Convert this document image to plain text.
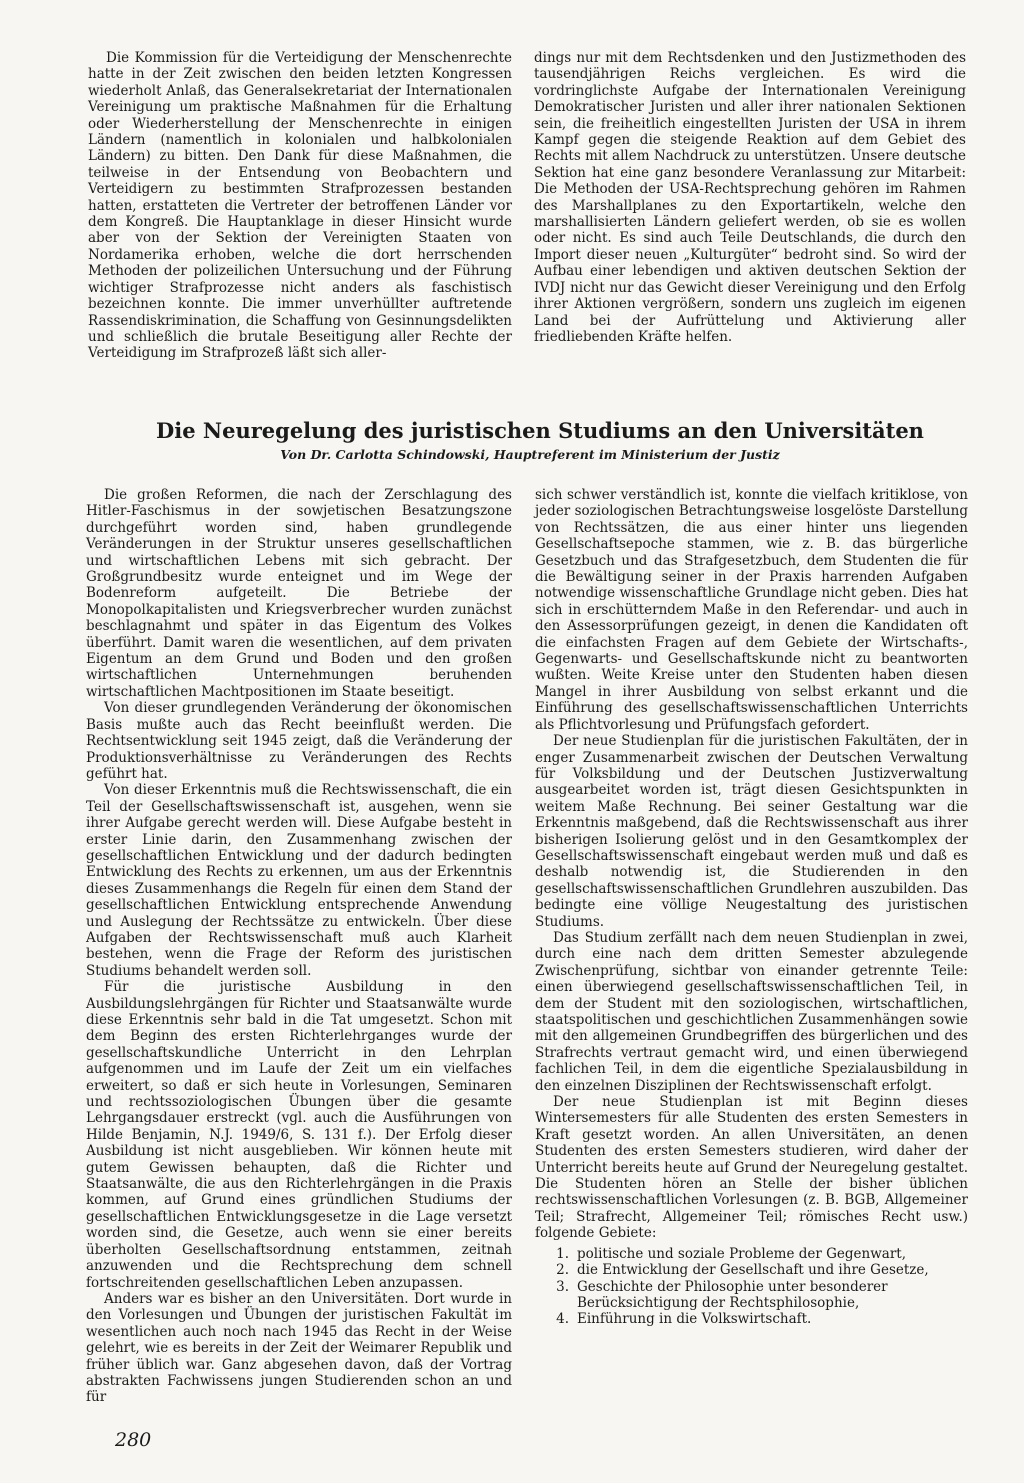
Die Kommission für die Verteidigung der Menschenrechte hatte in der Zeit zwischen den beiden letzten Kongressen wiederholt Anlaß, das Generalsekretariat der Internationalen Vereinigung um praktische Maßnahmen für die Erhaltung oder Wiederherstellung der Menschenrechte in einigen Ländern (namentlich in kolonialen und halbkolonialen Ländern) zu bitten. Den Dank für diese Maßnahmen, die teilweise in der Entsendung von Beobachtern und Verteidigern zu bestimmten Strafprozessen bestanden hatten, erstatteten die Vertreter der betroffenen Länder vor dem Kongreß. Die Hauptanklage in dieser Hinsicht wurde aber von der Sektion der Vereinigten Staaten von Nordamerika erhoben, welche die dort herrschenden Methoden der polizeilichen Untersuchung und der Führung wichtiger Strafprozesse nicht anders als faschistisch bezeichnen konnte. Die immer unverhüllter auftretende Rassendiskrimination, die Schaffung von Gesinnungsdelikten und schließlich die brutale Beseitigung aller Rechte der Verteidigung im Strafprozeß läßt sich aller-

dings nur mit dem Rechtsdenken und den Justizmethoden des tausendjährigen Reichs vergleichen. Es wird die vordringlichste Aufgabe der Internationalen Vereinigung Demokratischer Juristen und aller ihrer nationalen Sektionen sein, die freiheitlich eingestellten Juristen der USA in ihrem Kampf gegen die steigende Reaktion auf dem Gebiet des Rechts mit allem Nachdruck zu unterstützen. Unsere deutsche Sektion hat eine ganz besondere Veranlassung zur Mitarbeit: Die Methoden der USA-Rechtsprechung gehören im Rahmen des Marshallplanes zu den Exportartikeln, welche den marshallisierten Ländern geliefert werden, ob sie es wollen oder nicht. Es sind auch Teile Deutschlands, die durch den Import dieser neuen „Kulturgüter“ bedroht sind. So wird der Aufbau einer lebendigen und aktiven deutschen Sektion der IVDJ nicht nur das Gewicht dieser Vereinigung und den Erfolg ihrer Aktionen vergrößern, sondern uns zugleich im eigenen Land bei der Aufrüttelung und Aktivierung aller friedliebenden Kräfte helfen.

Die Neuregelung des juristischen Studiums an den Universitäten

Von Dr. Carlotta Schindowski, Hauptreferent im Ministerium der Justiz

Die großen Reformen, die nach der Zerschlagung des Hitler-Faschismus in der sowjetischen Besatzungszone durchgeführt worden sind, haben grundlegende Veränderungen in der Struktur unseres gesellschaftlichen und wirtschaftlichen Lebens mit sich gebracht. Der Großgrundbesitz wurde enteignet und im Wege der Bodenreform aufgeteilt. Die Betriebe der Monopolkapitalisten und Kriegsverbrecher wurden zunächst beschlagnahmt und später in das Eigentum des Volkes überführt. Damit waren die wesentlichen, auf dem privaten Eigentum an dem Grund und Boden und den großen wirtschaftlichen Unternehmungen beruhenden wirtschaftlichen Machtpositionen im Staate beseitigt.

Von dieser grundlegenden Veränderung der ökonomischen Basis mußte auch das Recht beeinflußt werden. Die Rechtsentwicklung seit 1945 zeigt, daß die Veränderung der Produktionsverhältnisse zu Veränderungen des Rechts geführt hat.

Von dieser Erkenntnis muß die Rechtswissenschaft, die ein Teil der Gesellschaftswissenschaft ist, ausgehen, wenn sie ihrer Aufgabe gerecht werden will. Diese Aufgabe besteht in erster Linie darin, den Zusammenhang zwischen der gesellschaftlichen Entwicklung und der dadurch bedingten Entwicklung des Rechts zu erkennen, um aus der Erkenntnis dieses Zusammenhangs die Regeln für einen dem Stand der gesellschaftlichen Entwicklung entsprechende Anwendung und Auslegung der Rechtssätze zu entwickeln. Über diese Aufgaben der Rechtswissenschaft muß auch Klarheit bestehen, wenn die Frage der Reform des juristischen Studiums behandelt werden soll.

Für die juristische Ausbildung in den Ausbildungslehrgängen für Richter und Staatsanwälte wurde diese Erkenntnis sehr bald in die Tat umgesetzt. Schon mit dem Beginn des ersten Richterlehrganges wurde der gesellschaftskundliche Unterricht in den Lehrplan aufgenommen und im Laufe der Zeit um ein vielfaches erweitert, so daß er sich heute in Vorlesungen, Seminaren und rechtssoziologischen Übungen über die gesamte Lehrgangsdauer erstreckt (vgl. auch die Ausführungen von Hilde Benjamin, N.J. 1949/6, S. 131 f.). Der Erfolg dieser Ausbildung ist nicht ausgeblieben. Wir können heute mit gutem Gewissen behaupten, daß die Richter und Staatsanwälte, die aus den Richterlehrgängen in die Praxis kommen, auf Grund eines gründlichen Studiums der gesellschaftlichen Entwicklungsgesetze in die Lage versetzt worden sind, die Gesetze, auch wenn sie einer bereits überholten Gesellschaftsordnung entstammen, zeitnah anzuwenden und die Rechtsprechung dem schnell fortschreitenden gesellschaftlichen Leben anzupassen.

Anders war es bisher an den Universitäten. Dort wurde in den Vorlesungen und Übungen der juristischen Fakultät im wesentlichen auch noch nach 1945 das Recht in der Weise gelehrt, wie es bereits in der Zeit der Weimarer Republik und früher üblich war. Ganz abgesehen davon, daß der Vortrag abstrakten Fachwissens jungen Studierenden schon an und für

sich schwer verständlich ist, konnte die vielfach kritiklose, von jeder soziologischen Betrachtungsweise losgelöste Darstellung von Rechtssätzen, die aus einer hinter uns liegenden Gesellschaftsepoche stammen, wie z. B. das bürgerliche Gesetzbuch und das Strafgesetzbuch, dem Studenten die für die Bewältigung seiner in der Praxis harrenden Aufgaben notwendige wissenschaftliche Grundlage nicht geben. Dies hat sich in erschütterndem Maße in den Referendar- und auch in den Assessorprüfungen gezeigt, in denen die Kandidaten oft die einfachsten Fragen auf dem Gebiete der Wirtschafts-, Gegenwarts- und Gesellschaftskunde nicht zu beantworten wußten. Weite Kreise unter den Studenten haben diesen Mangel in ihrer Ausbildung von selbst erkannt und die Einführung des gesellschaftswissenschaftlichen Unterrichts als Pflichtvorlesung und Prüfungsfach gefordert.

Der neue Studienplan für die juristischen Fakultäten, der in enger Zusammenarbeit zwischen der Deutschen Verwaltung für Volksbildung und der Deutschen Justizverwaltung ausgearbeitet worden ist, trägt diesen Gesichtspunkten in weitem Maße Rechnung. Bei seiner Gestaltung war die Erkenntnis maßgebend, daß die Rechtswissenschaft aus ihrer bisherigen Isolierung gelöst und in den Gesamtkomplex der Gesellschaftswissenschaft eingebaut werden muß und daß es deshalb notwendig ist, die Studierenden in den gesellschaftswissenschaftlichen Grundlehren auszubilden. Das bedingte eine völlige Neugestaltung des juristischen Studiums.

Das Studium zerfällt nach dem neuen Studienplan in zwei, durch eine nach dem dritten Semester abzulegende Zwischenprüfung, sichtbar von einander getrennte Teile: einen überwiegend gesellschaftswissenschaftlichen Teil, in dem der Student mit den soziologischen, wirtschaftlichen, staatspolitischen und geschichtlichen Zusammenhängen sowie mit den allgemeinen Grundbegriffen des bürgerlichen und des Strafrechts vertraut gemacht wird, und einen überwiegend fachlichen Teil, in dem die eigentliche Spezialausbildung in den einzelnen Disziplinen der Rechtswissenschaft erfolgt.

Der neue Studienplan ist mit Beginn dieses Wintersemesters für alle Studenten des ersten Semesters in Kraft gesetzt worden. An allen Universitäten, an denen Studenten des ersten Semesters studieren, wird daher der Unterricht bereits heute auf Grund der Neuregelung gestaltet. Die Studenten hören an Stelle der bisher üblichen rechtswissenschaftlichen Vorlesungen (z. B. BGB, Allgemeiner Teil; Strafrecht, Allgemeiner Teil; römisches Recht usw.) folgende Gebiete:

1. politische und soziale Probleme der Gegenwart,
2. die Entwicklung der Gesellschaft und ihre Gesetze,
3. Geschichte der Philosophie unter besonderer Berücksichtigung der Rechtsphilosophie,
4. Einführung in die Volkswirtschaft.

280
